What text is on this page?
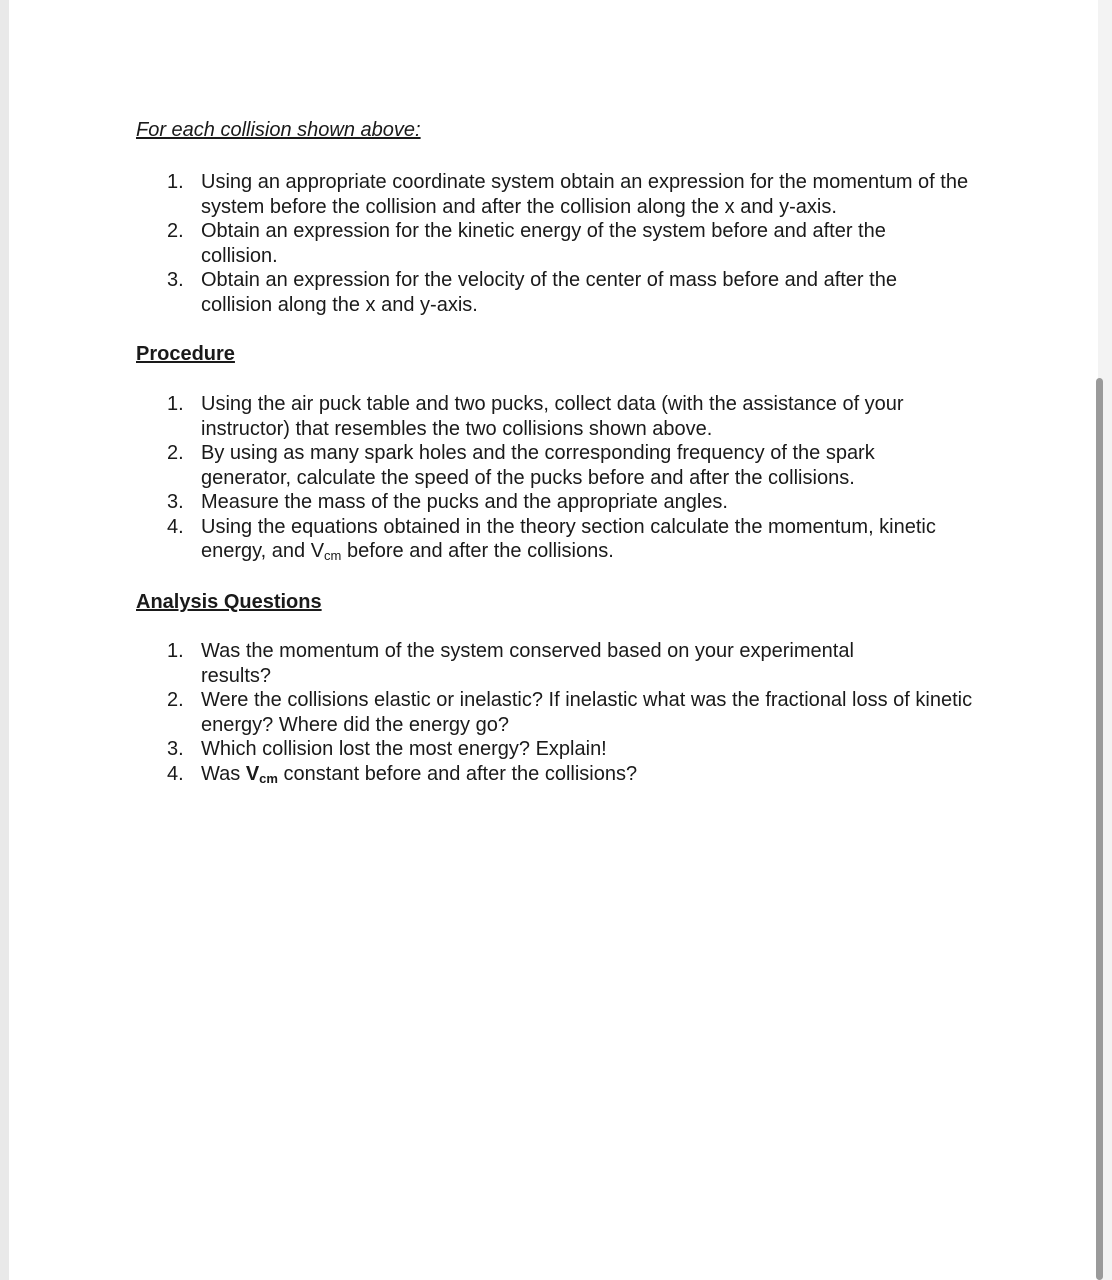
For each collision shown above:
1. Using an appropriate coordinate system obtain an expression for the momentum of the system before the collision and after the collision along the x and y-axis.
2. Obtain an expression for the kinetic energy of the system before and after the collision.
3. Obtain an expression for the velocity of the center of mass before and after the collision along the x and y-axis.
Procedure
1. Using the air puck table and two pucks, collect data (with the assistance of your instructor) that resembles the two collisions shown above.
2. By using as many spark holes and the corresponding frequency of the spark generator, calculate the speed of the pucks before and after the collisions.
3. Measure the mass of the pucks and the appropriate angles.
4. Using the equations obtained in the theory section calculate the momentum, kinetic energy, and $V_{cm}$ before and after the collisions.
Analysis Questions
1. Was the momentum of the system conserved based on your experimental results?
2. Were the collisions elastic or inelastic? If inelastic what was the fractional loss of kinetic energy? Where did the energy go?
3. Which collision lost the most energy? Explain!
4. Was $V_{cm}$ constant before and after the collisions?
